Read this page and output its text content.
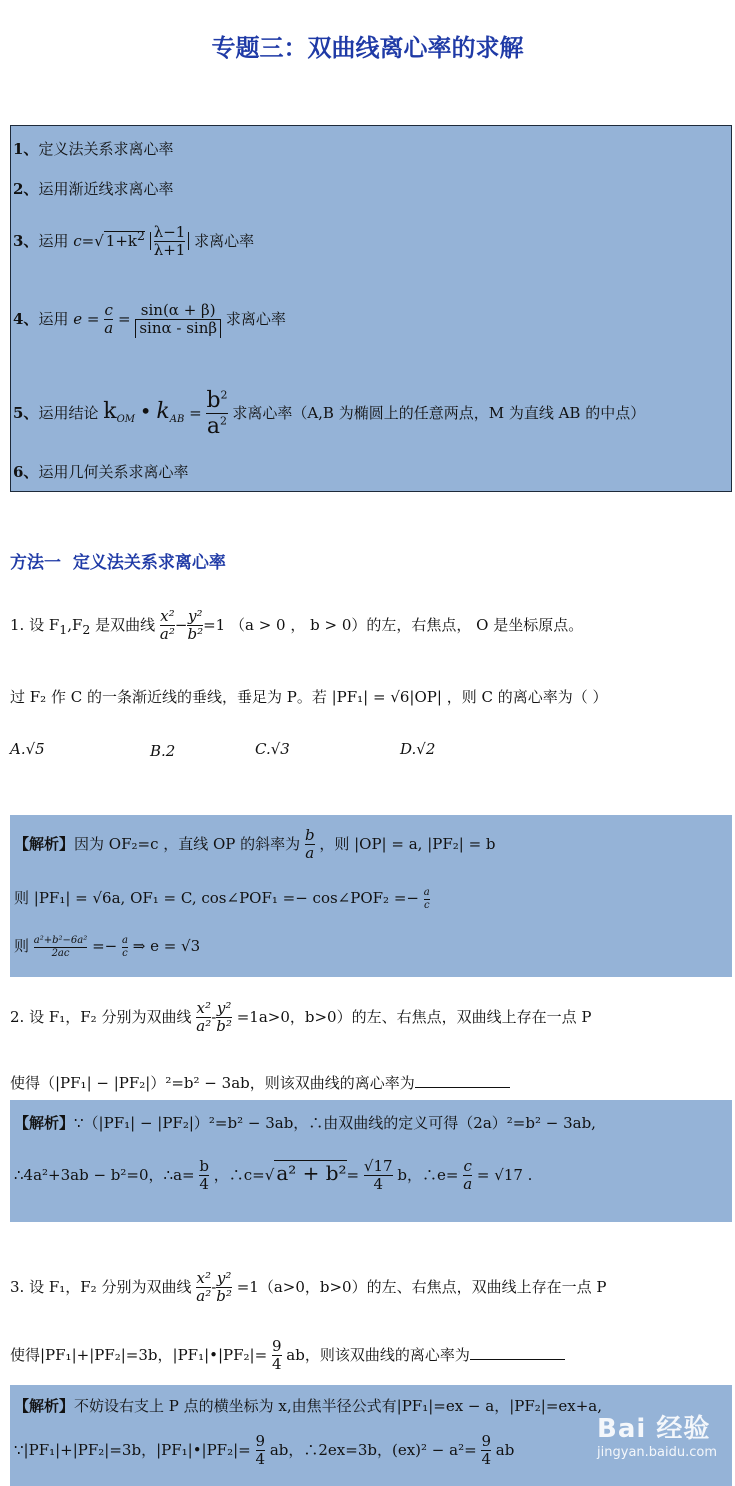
专题三：双曲线离心率的求解
1、定义法关系求离心率
2、运用渐近线求离心率
3、运用 c=√ $1+k^2 \frac{\lambda-1}{\lambda+1}$ 求离心率
4、运用 $e = \frac{c}{a} = \frac{\sin(\alpha + \beta)}{\sin\alpha - \sin\beta}$ 求离心率
5、运用结论 $k_{OM}$ • $k_{AB} = \frac{b^2}{a^2}$ 求离心率（A,B 为椭圆上的任意两点，M 为直线 AB 的中点）
6、运用几何关系求离心率
方法一 定义法关系求离心率
1. 设 $F_1,F_2$ 是双曲线 $\frac{\text{x²}}{\text{a²}} - \frac{\text{y²}}{\text{b²}} =1$ （a > 0 ， b > 0）的左，右焦点， O 是坐标原点。
过 F₂ 作 C 的一条渐近线的垂线，垂足为 P。若 |PF₁| = √6|OP| ，则 C 的离心率为（ ）
A.√5	B.2	C.√3	D.√2
【解析】因为 OF₂=c ，直线 OP 的斜率为 $\frac{b}{a}$ ，则 |OP| = a, |PF₂| = b
则 |PF₁| = √6a, OF₁ = C, cos∠POF₁ =− cos∠POF₂ =− $\frac{a}{c}$
则 $\frac{\text{a²+b²−6a²}}{2ac} =- \frac{a}{c}$ ⇒ e = √3
2. 设 F₁，F₂ 分别为双曲线 $\frac{\text{x²}}{\text{a²}} - \frac{\text{y²}}{\text{b²}} =1a>0$，b>0）的左、右焦点，双曲线上存在一点 P
使得（|PF₁| − |PF₂|）²=b² − 3ab，则该双曲线的离心率为
【解析】∵（|PF₁| − |PF₂|）²=b² − 3ab，∴由双曲线的定义可得（2a）²=b² − 3ab,
∴4a²+3ab − b²=0，∴a= $\frac{b}{4}$ ，∴c=√ $a^2 + b^2= \frac{√17}{4}$ b，∴e= $\frac{c}{a} = √17$ .
3. 设 F₁，F₂ 分别为双曲线 $\frac{\text{x²}}{\text{a²}} - \frac{\text{y²}}{\text{b²}} =1(a>0$，b>0）的左、右焦点，双曲线上存在一点 P
使得|PF₁|+|PF₂|=3b，|PF₁|•|PF₂|= $\frac{9}{4}$ ab，则该双曲线的离心率为
【解析】不妨设右支上 P 点的横坐标为 x,由焦半径公式有|PF₁|=ex − a，|PF₂|=ex+a,
∵|PF₁|+|PF₂|=3b，|PF₁|•|PF₂|= $\frac{9}{4}$ ab，∴2ex=3b，$(ex)^2 - a^2= \frac{9}{4}$ ab
Bai 经验
jingyan.baidu.com
